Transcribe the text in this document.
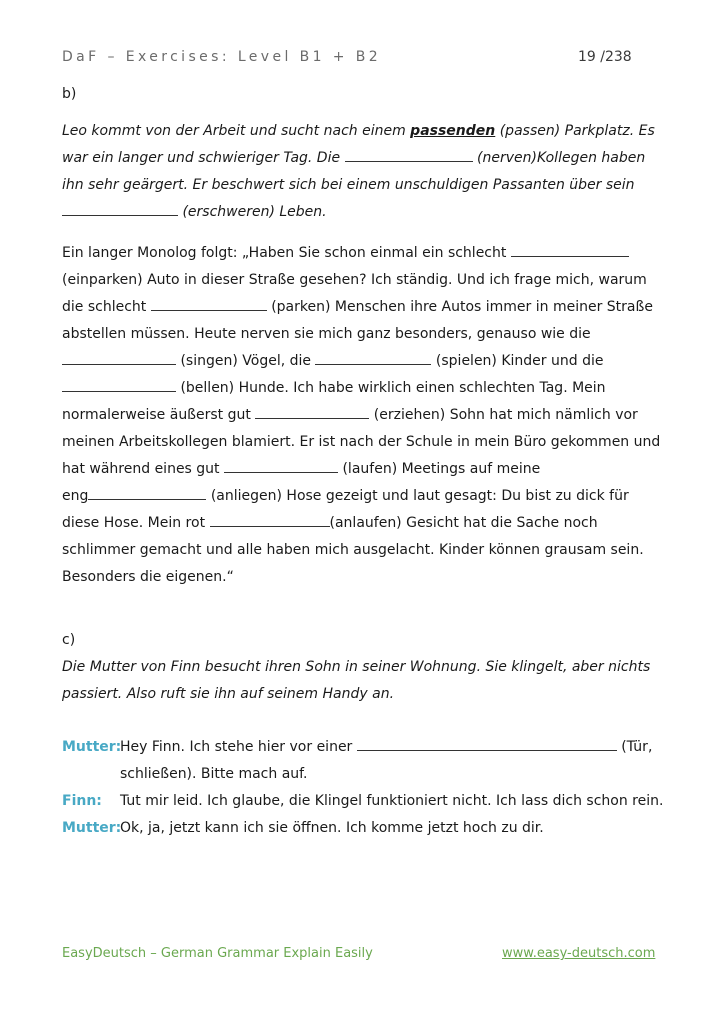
DaF – Exercises: Level B1 + B2	19 /238
b)
Leo kommt von der Arbeit und sucht nach einem passenden (passen) Parkplatz. Es
war ein langer und schwieriger Tag. Die	(nerven)Kollegen haben
ihn sehr geärgert. Er beschwert sich bei einem unschuldigen Passanten über sein
(erschweren) Leben.
Ein langer Monolog folgt: „Haben Sie schon einmal ein schlecht
(einparken) Auto in dieser Straße gesehen? Ich ständig. Und ich frage mich, warum
die schlecht	(parken) Menschen ihre Autos immer in meiner Straße
abstellen müssen. Heute nerven sie mich ganz besonders, genauso wie die
(singen) Vögel, die	(spielen) Kinder und die
(bellen) Hunde. Ich habe wirklich einen schlechten Tag. Mein
normalerweise äußerst gut	(erziehen) Sohn hat mich nämlich vor
meinen Arbeitskollegen blamiert. Er ist nach der Schule in mein Büro gekommen und
hat während eines gut	(laufen) Meetings auf meine
eng	(anliegen) Hose gezeigt und laut gesagt: Du bist zu dick für
diese Hose. Mein rot	(anlaufen) Gesicht hat die Sache noch
schlimmer gemacht und alle haben mich ausgelacht. Kinder können grausam sein.
Besonders die eigenen.“
c)
Die Mutter von Finn besucht ihren Sohn in seiner Wohnung. Sie klingelt, aber nichts
passiert. Also ruft sie ihn auf seinem Handy an.
Mutter:
Hey Finn. Ich stehe hier vor einer	(Tür,
schließen). Bitte mach auf.
Finn: Tut mir leid. Ich glaube, die Klingel funktioniert nicht. Ich lass dich schon rein.
Mutter:
Ok, ja, jetzt kann ich sie öffnen. Ich komme jetzt hoch zu dir.
EasyDeutsch – German Grammar Explain Easily	www.easy-deutsch.com
